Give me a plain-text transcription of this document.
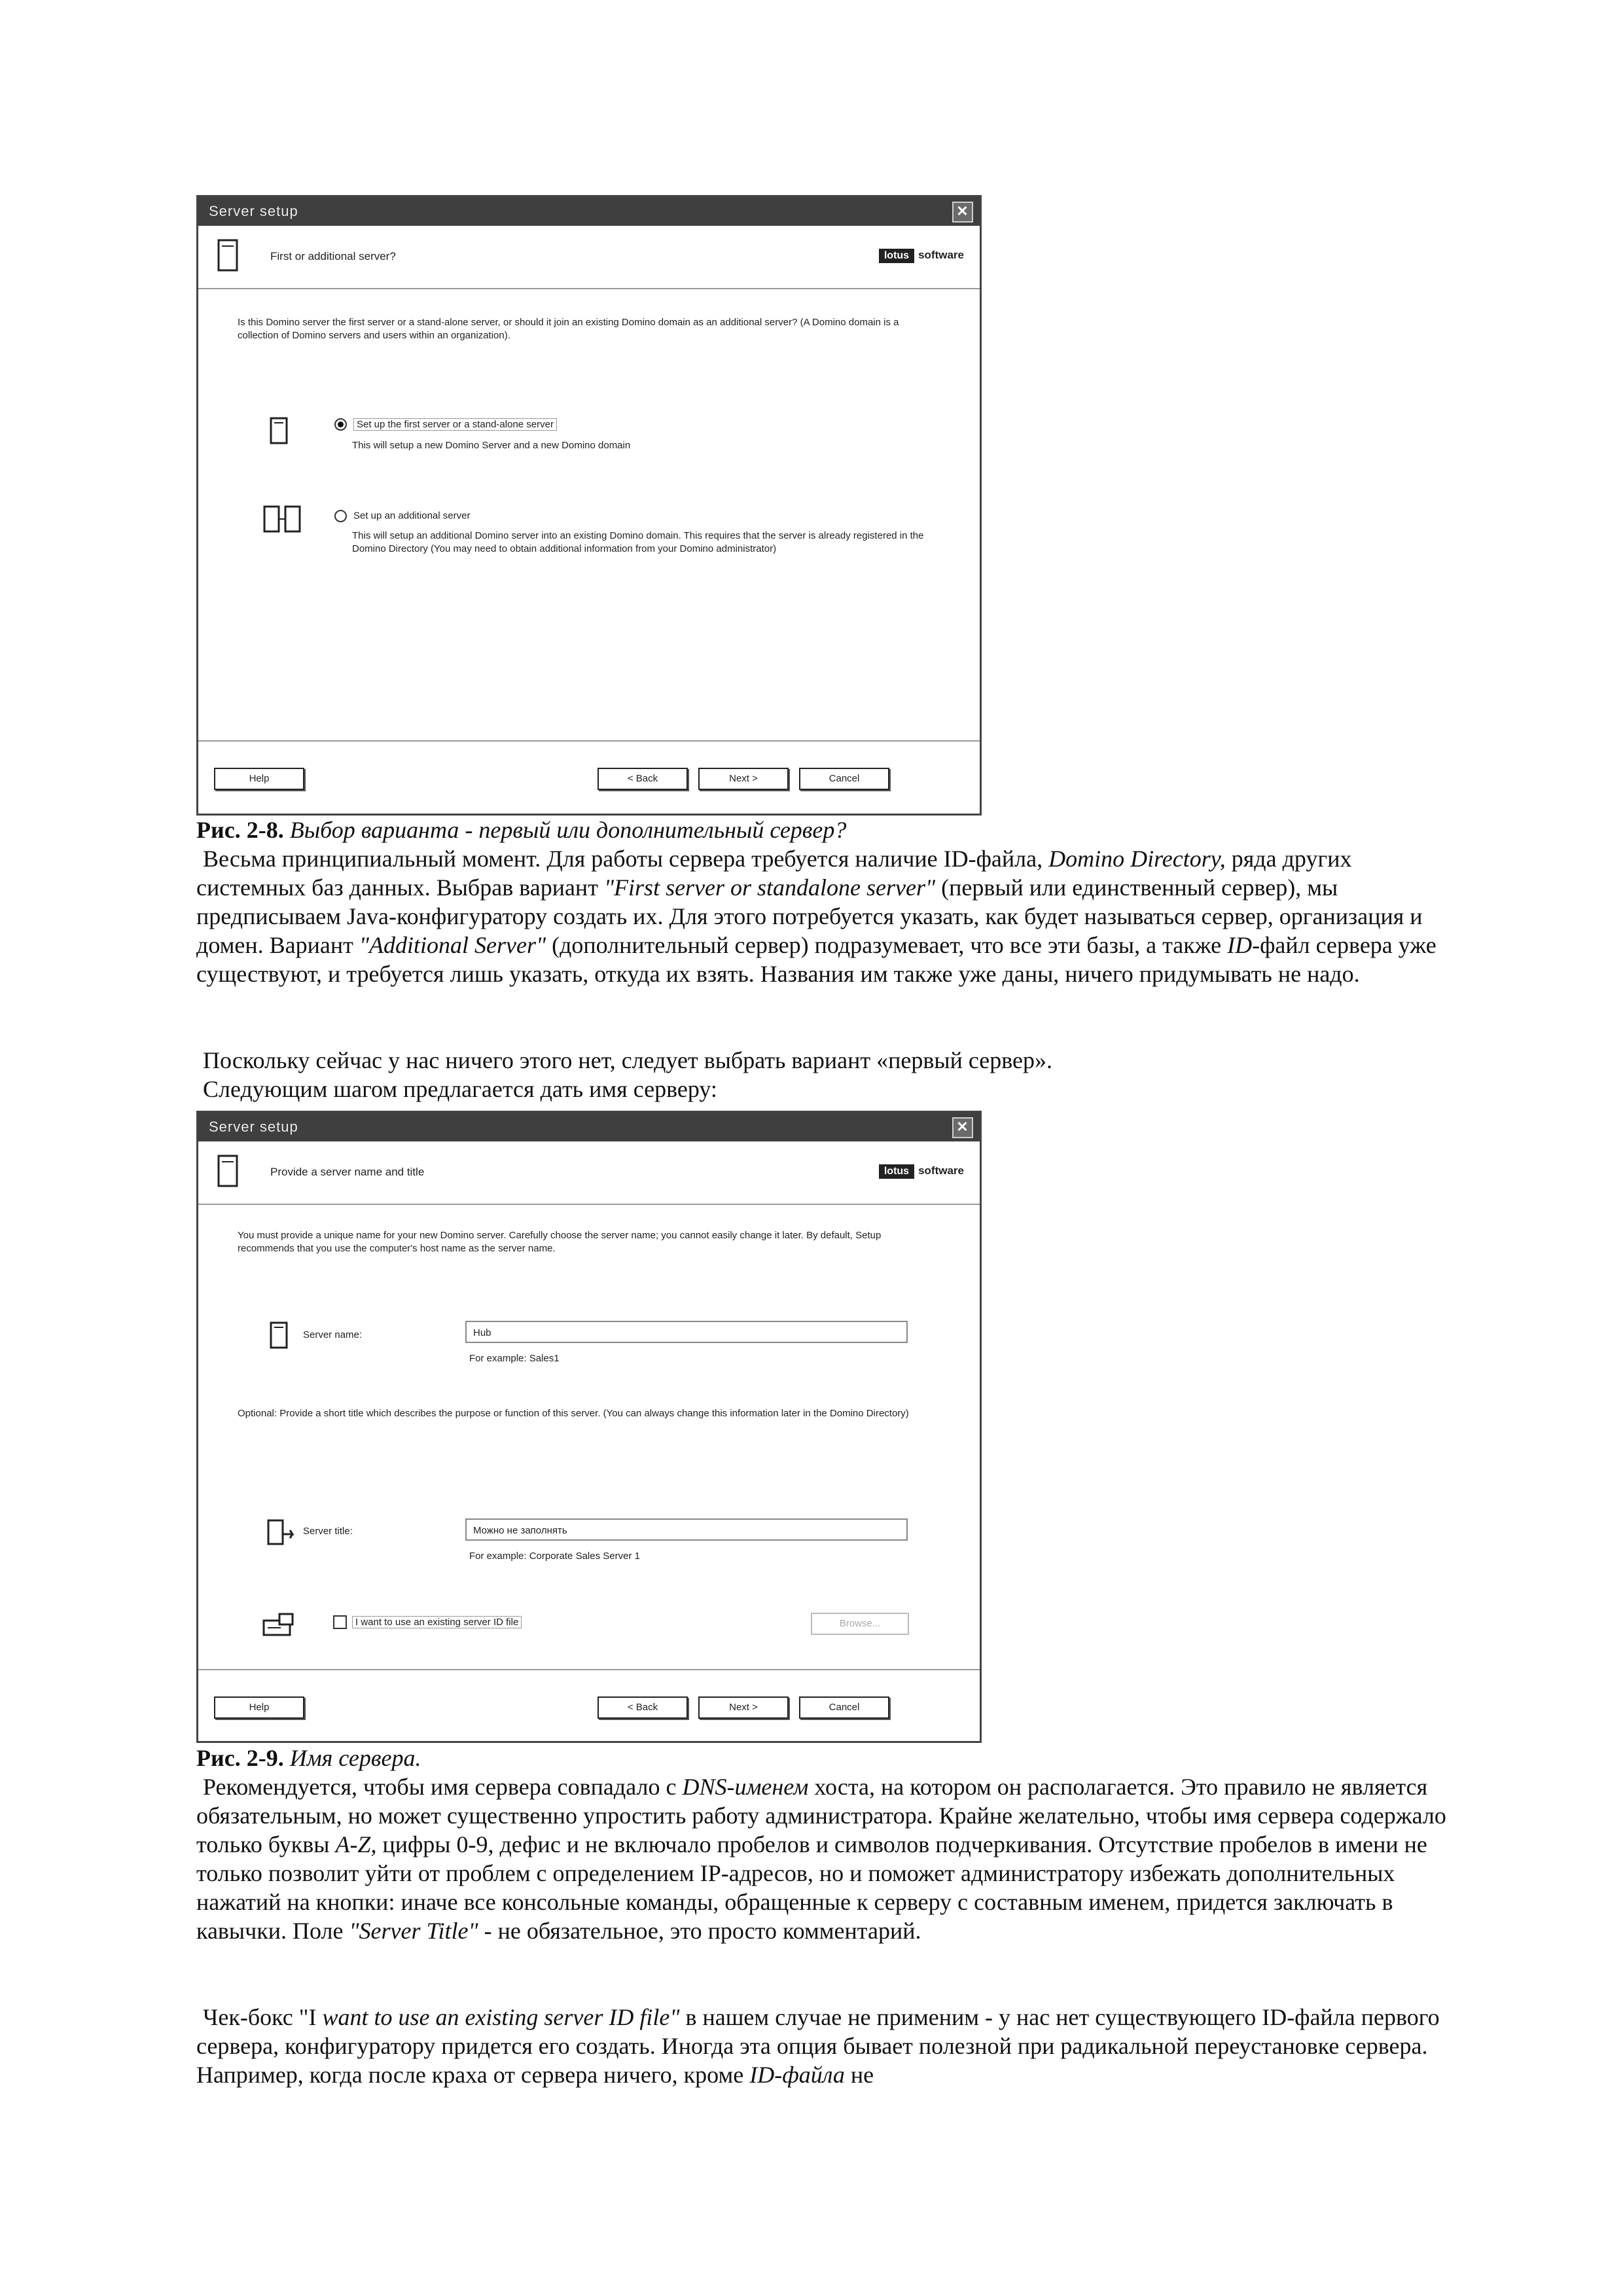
Server setup	✕
First or additional server?	lotus software
Is this Domino server the first server or a stand-alone server, or should it join an existing Domino domain as an additional server? (A Domino domain is a collection of Domino servers and users within an organization).
Set up the first server or a stand-alone server
This will setup a new Domino Server and a new Domino domain
Set up an additional server
This will setup an additional Domino server into an existing Domino domain. This requires that the server is already registered in the Domino Directory (You may need to obtain additional information from your Domino administrator)
Help	< Back	Next >	Cancel
Рис. 2-8. Выбор варианта - первый или дополнительный сервер?
Весьма принципиальный момент. Для работы сервера требуется наличие ID-файла, Domino Directory, ряда других системных баз данных. Выбрав вариант "First server or standalone server" (первый или единственный сервер), мы предписываем Java-конфигуратору создать их. Для этого потребуется указать, как будет называться сервер, организация и домен. Вариант "Additional Server" (дополнительный сервер) подразумевает, что все эти базы, а также ID-файл сервера уже существуют, и требуется лишь указать, откуда их взять. Названия им также уже даны, ничего придумывать не надо.
Поскольку сейчас у нас ничего этого нет, следует выбрать вариант «первый сервер».
Следующим шагом предлагается дать имя серверу:
Server setup	✕
Provide a server name and title	lotus software
You must provide a unique name for your new Domino server. Carefully choose the server name; you cannot easily change it later. By default, Setup recommends that you use the computer's host name as the server name.
Server name:	Hub
For example: Sales1
Optional: Provide a short title which describes the purpose or function of this server. (You can always change this information later in the Domino Directory)
Server title:	Можно не заполнять
For example: Corporate Sales Server 1
I want to use an existing server ID file	Browse...
Help	< Back	Next >	Cancel
Рис. 2-9. Имя сервера.
Рекомендуется, чтобы имя сервера совпадало с DNS-именем хоста, на котором он располагается. Это правило не является обязательным, но может существенно упростить работу администратора. Крайне желательно, чтобы имя сервера содержало только буквы A-Z, цифры 0-9, дефис и не включало пробелов и символов подчеркивания. Отсутствие пробелов в имени не только позволит уйти от проблем с определением IP-адресов, но и поможет администратору избежать дополнительных нажатий на кнопки: иначе все консольные команды, обращенные к серверу с составным именем, придется заключать в кавычки. Поле "Server Title" - не обязательное, это просто комментарий.
Чек-бокс "I want to use an existing server ID file" в нашем случае не применим - у нас нет существующего ID-файла первого сервера, конфигуратору придется его создать. Иногда эта опция бывает полезной при радикальной переустановке сервера. Например, когда после краха от сервера ничего, кроме ID-файла не
